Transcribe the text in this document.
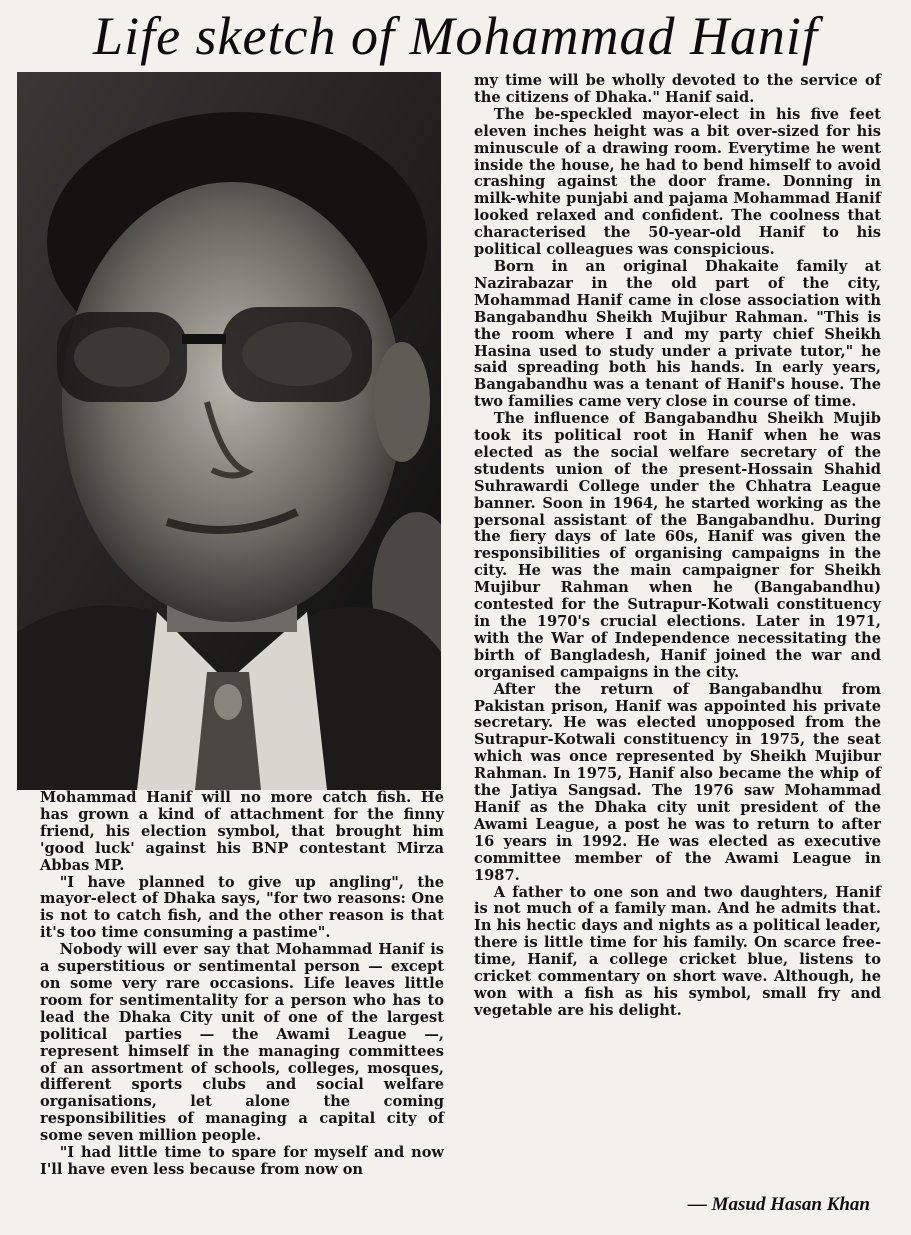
Life sketch of Mohammad Hanif

Mohammad Hanif will no more catch fish. He has grown a kind of attachment for the finny friend, his election symbol, that brought him 'good luck' against his BNP contestant Mirza Abbas MP.

"I have planned to give up angling", the mayor-elect of Dhaka says, "for two reasons: One is not to catch fish, and the other reason is that it's too time consuming a pastime".

Nobody will ever say that Mohammad Hanif is a superstitious or sentimental person — except on some very rare occasions. Life leaves little room for sentimentality for a person who has to lead the Dhaka City unit of one of the largest political parties — the Awami League —, represent himself in the managing committees of an assortment of schools, colleges, mosques, different sports clubs and social welfare organisations, let alone the coming responsibilities of managing a capital city of some seven million people.

"I had little time to spare for myself and now I'll have even less because from now on

my time will be wholly devoted to the service of the citizens of Dhaka." Hanif said.

The be-speckled mayor-elect in his five feet eleven inches height was a bit over-sized for his minuscule of a drawing room. Everytime he went inside the house, he had to bend himself to avoid crashing against the door frame. Donning in milk-white punjabi and pajama Mohammad Hanif looked relaxed and confident. The coolness that characterised the 50-year-old Hanif to his political colleagues was conspicious.

Born in an original Dhakaite family at Nazirabazar in the old part of the city, Mohammad Hanif came in close association with Bangabandhu Sheikh Mujibur Rahman. "This is the room where I and my party chief Sheikh Hasina used to study under a private tutor," he said spreading both his hands. In early years, Bangabandhu was a tenant of Hanif's house. The two families came very close in course of time.

The influence of Bangabandhu Sheikh Mujib took its political root in Hanif when he was elected as the social welfare secretary of the students union of the present-Hossain Shahid Suhrawardi College under the Chhatra League banner. Soon in 1964, he started working as the personal assistant of the Bangabandhu. During the fiery days of late 60s, Hanif was given the responsibilities of organising campaigns in the city. He was the main campaigner for Sheikh Mujibur Rahman when he (Bangabandhu) contested for the Sutrapur-Kotwali constituency in the 1970's crucial elections. Later in 1971, with the War of Independence necessitating the birth of Bangladesh, Hanif joined the war and organised campaigns in the city.

After the return of Bangabandhu from Pakistan prison, Hanif was appointed his private secretary. He was elected unopposed from the Sutrapur-Kotwali constituency in 1975, the seat which was once represented by Sheikh Mujibur Rahman. In 1975, Hanif also became the whip of the Jatiya Sangsad. The 1976 saw Mohammad Hanif as the Dhaka city unit president of the Awami League, a post he was to return to after 16 years in 1992. He was elected as executive committee member of the Awami League in 1987.

A father to one son and two daughters, Hanif is not much of a family man. And he admits that. In his hectic days and nights as a political leader, there is little time for his family. On scarce free-time, Hanif, a college cricket blue, listens to cricket commentary on short wave. Although, he won with a fish as his symbol, small fry and vegetable are his delight.

— Masud Hasan Khan
